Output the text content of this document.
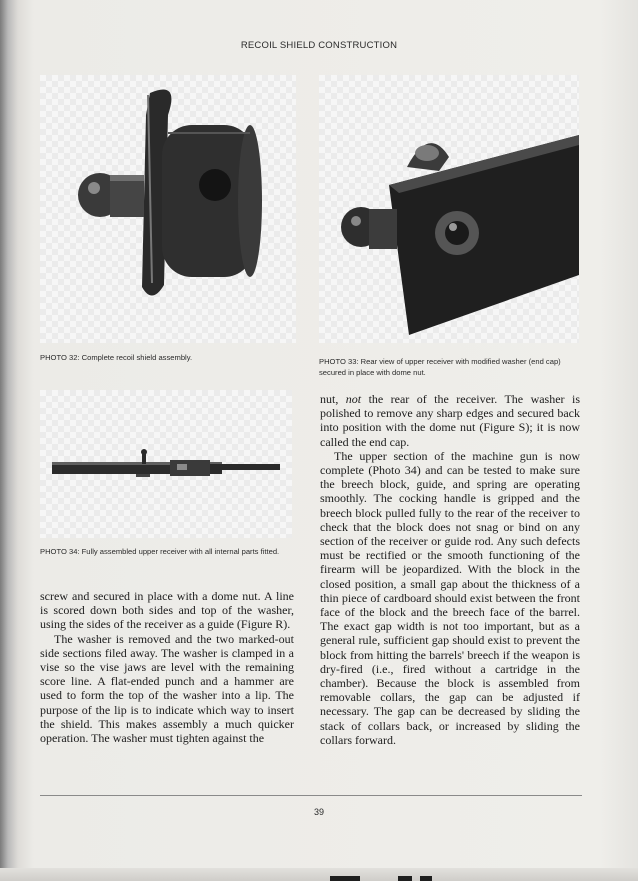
RECOIL SHIELD CONSTRUCTION
PHOTO 32: Complete recoil shield assembly.	PHOTO 33: Rear view of upper receiver with modified washer (end cap) secured in place with dome nut.
PHOTO 34: Fully assembled upper receiver with all internal parts fitted.

screw and secured in place with a dome nut. A line is scored down both sides and top of the washer, using the sides of the receiver as a guide (Figure R).

The washer is removed and the two marked-out side sections filed away. The washer is clamped in a vise so the vise jaws are level with the remaining score line. A flat-ended punch and a hammer are used to form the top of the washer into a lip. The purpose of the lip is to indicate which way to insert the shield. This makes assembly a much quicker operation. The washer must tighten against the

nut, not the rear of the receiver. The washer is polished to remove any sharp edges and secured back into position with the dome nut (Figure S); it is now called the end cap.

The upper section of the machine gun is now complete (Photo 34) and can be tested to make sure the breech block, guide, and spring are operating smoothly. The cocking handle is gripped and the breech block pulled fully to the rear of the receiver to check that the block does not snag or bind on any section of the receiver or guide rod. Any such defects must be rectified or the smooth functioning of the firearm will be jeopardized. With the block in the closed position, a small gap about the thickness of a thin piece of cardboard should exist between the front face of the block and the breech face of the barrel. The exact gap width is not too important, but as a general rule, sufficient gap should exist to prevent the block from hitting the barrels' breech if the weapon is dry-fired (i.e., fired without a cartridge in the chamber). Because the block is assembled from removable collars, the gap can be adjusted if necessary. The gap can be decreased by sliding the stack of collars back, or increased by sliding the collars forward.

39
